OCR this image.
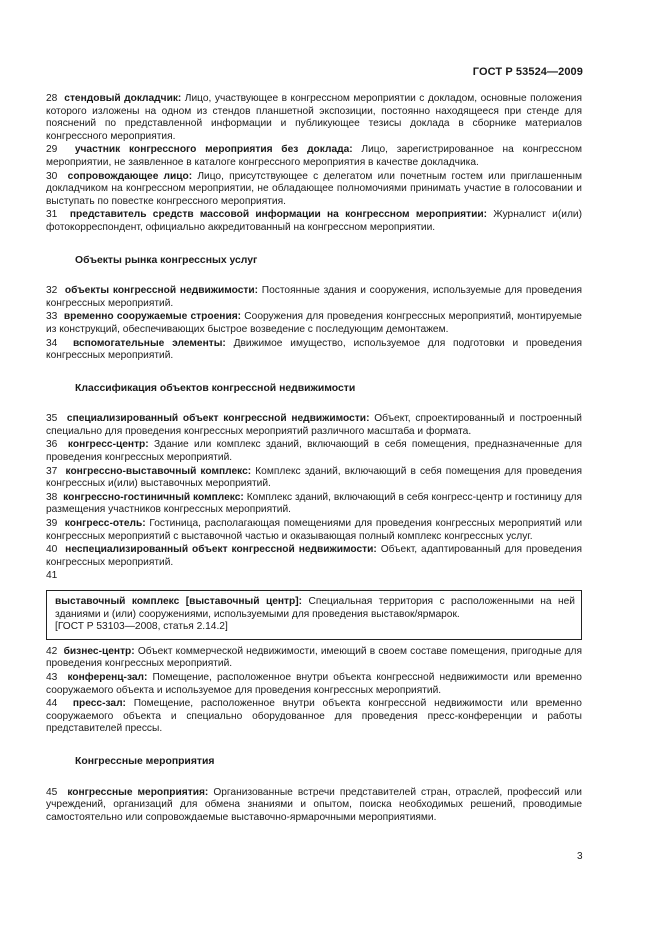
ГОСТ Р 53524—2009

28 стендовый докладчик: Лицо, участвующее в конгрессном мероприятии с докладом, основные положения которого изложены на одном из стендов планшетной экспозиции, постоянно находящееся при стенде для пояснений по представленной информации и публикующее тезисы доклада в сборнике материалов конгрессного мероприятия.

29 участник конгрессного мероприятия без доклада: Лицо, зарегистрированное на конгрессном мероприятии, не заявленное в каталоге конгрессного мероприятия в качестве докладчика.

30 сопровождающее лицо: Лицо, присутствующее с делегатом или почетным гостем или приглашенным докладчиком на конгрессном мероприятии, не обладающее полномочиями принимать участие в голосовании и выступать по повестке конгрессного мероприятия.

31 представитель средств массовой информации на конгрессном мероприятии: Журналист и(или) фотокорреспондент, официально аккредитованный на конгрессном мероприятии.

Объекты рынка конгрессных услуг

32 объекты конгрессной недвижимости: Постоянные здания и сооружения, используемые для проведения конгрессных мероприятий.

33 временно сооружаемые строения: Сооружения для проведения конгрессных мероприятий, монтируемые из конструкций, обеспечивающих быстрое возведение с последующим демонтажем.

34 вспомогательные элементы: Движимое имущество, используемое для подготовки и проведения конгрессных мероприятий.

Классификация объектов конгрессной недвижимости

35 специализированный объект конгрессной недвижимости: Объект, спроектированный и построенный специально для проведения конгрессных мероприятий различного масштаба и формата.

36 конгресс-центр: Здание или комплекс зданий, включающий в себя помещения, предназначенные для проведения конгрессных мероприятий.

37 конгрессно-выставочный комплекс: Комплекс зданий, включающий в себя помещения для проведения конгрессных и(или) выставочных мероприятий.

38 конгрессно-гостиничный комплекс: Комплекс зданий, включающий в себя конгресс-центр и гостиницу для размещения участников конгрессных мероприятий.

39 конгресс-отель: Гостиница, располагающая помещениями для проведения конгрессных мероприятий или конгрессных мероприятий с выставочной частью и оказывающая полный комплекс конгрессных услуг.

40 неспециализированный объект конгрессной недвижимости: Объект, адаптированный для проведения конгрессных мероприятий.

41

выставочный комплекс [выставочный центр]: Специальная территория с расположенными на ней зданиями и (или) сооружениями, используемыми для проведения выставок/ярмарок.
[ГОСТ Р 53103—2008, статья 2.14.2]

42 бизнес-центр: Объект коммерческой недвижимости, имеющий в своем составе помещения, пригодные для проведения конгрессных мероприятий.

43 конференц-зал: Помещение, расположенное внутри объекта конгрессной недвижимости или временно сооружаемого объекта и используемое для проведения конгрессных мероприятий.

44 пресс-зал: Помещение, расположенное внутри объекта конгрессной недвижимости или временно сооружаемого объекта и специально оборудованное для проведения пресс-конференции и работы представителей прессы.

Конгрессные мероприятия

45 конгрессные мероприятия: Организованные встречи представителей стран, отраслей, профессий или учреждений, организаций для обмена знаниями и опытом, поиска необходимых решений, проводимые самостоятельно или сопровождаемые выставочно-ярмарочными мероприятиями.

3
